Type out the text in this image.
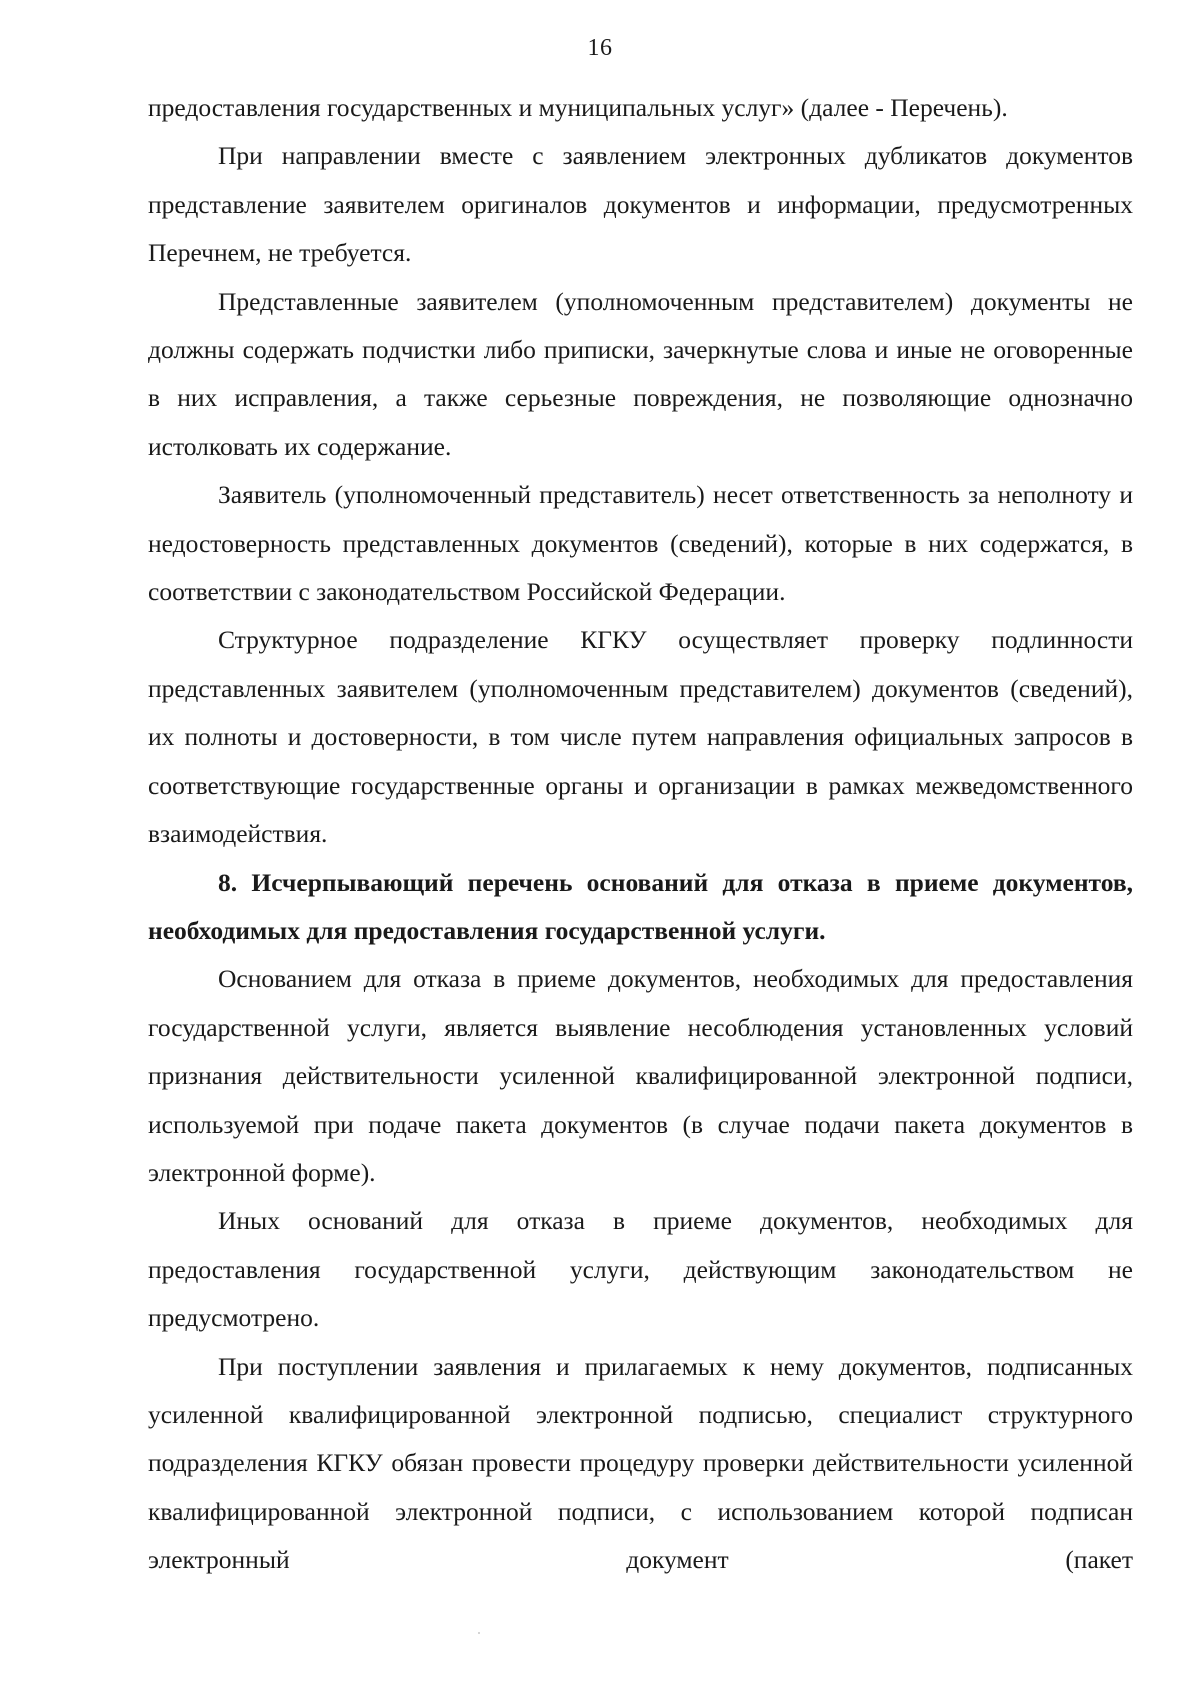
16

предоставления государственных и муниципальных услуг» (далее - Перечень).

При направлении вместе с заявлением электронных дубликатов документов представление заявителем оригиналов документов и информации, предусмотренных Перечнем, не требуется.

Представленные заявителем (уполномоченным представителем) документы не должны содержать подчистки либо приписки, зачеркнутые слова и иные не оговоренные в них исправления, а также серьезные повреждения, не позволяющие однозначно истолковать их содержание.

Заявитель (уполномоченный представитель) несет ответственность за неполноту и недостоверность представленных документов (сведений), которые в них содержатся, в соответствии с законодательством Российской Федерации.

Структурное подразделение КГКУ осуществляет проверку подлинности представленных заявителем (уполномоченным представителем) документов (сведений), их полноты и достоверности, в том числе путем направления официальных запросов в соответствующие государственные органы и организации в рамках межведомственного взаимодействия.

8. Исчерпывающий перечень оснований для отказа в приеме документов, необходимых для предоставления государственной услуги.

Основанием для отказа в приеме документов, необходимых для предоставления государственной услуги, является выявление несоблюдения установленных условий признания действительности усиленной квалифицированной электронной подписи, используемой при подаче пакета документов (в случае подачи пакета документов в электронной форме).

Иных оснований для отказа в приеме документов, необходимых для предоставления государственной услуги, действующим законодательством не предусмотрено.

При поступлении заявления и прилагаемых к нему документов, подписанных усиленной квалифицированной электронной подписью, специалист структурного подразделения КГКУ обязан провести процедуру проверки действительности усиленной квалифицированной электронной подписи, с использованием которой подписан электронный документ (пакет
